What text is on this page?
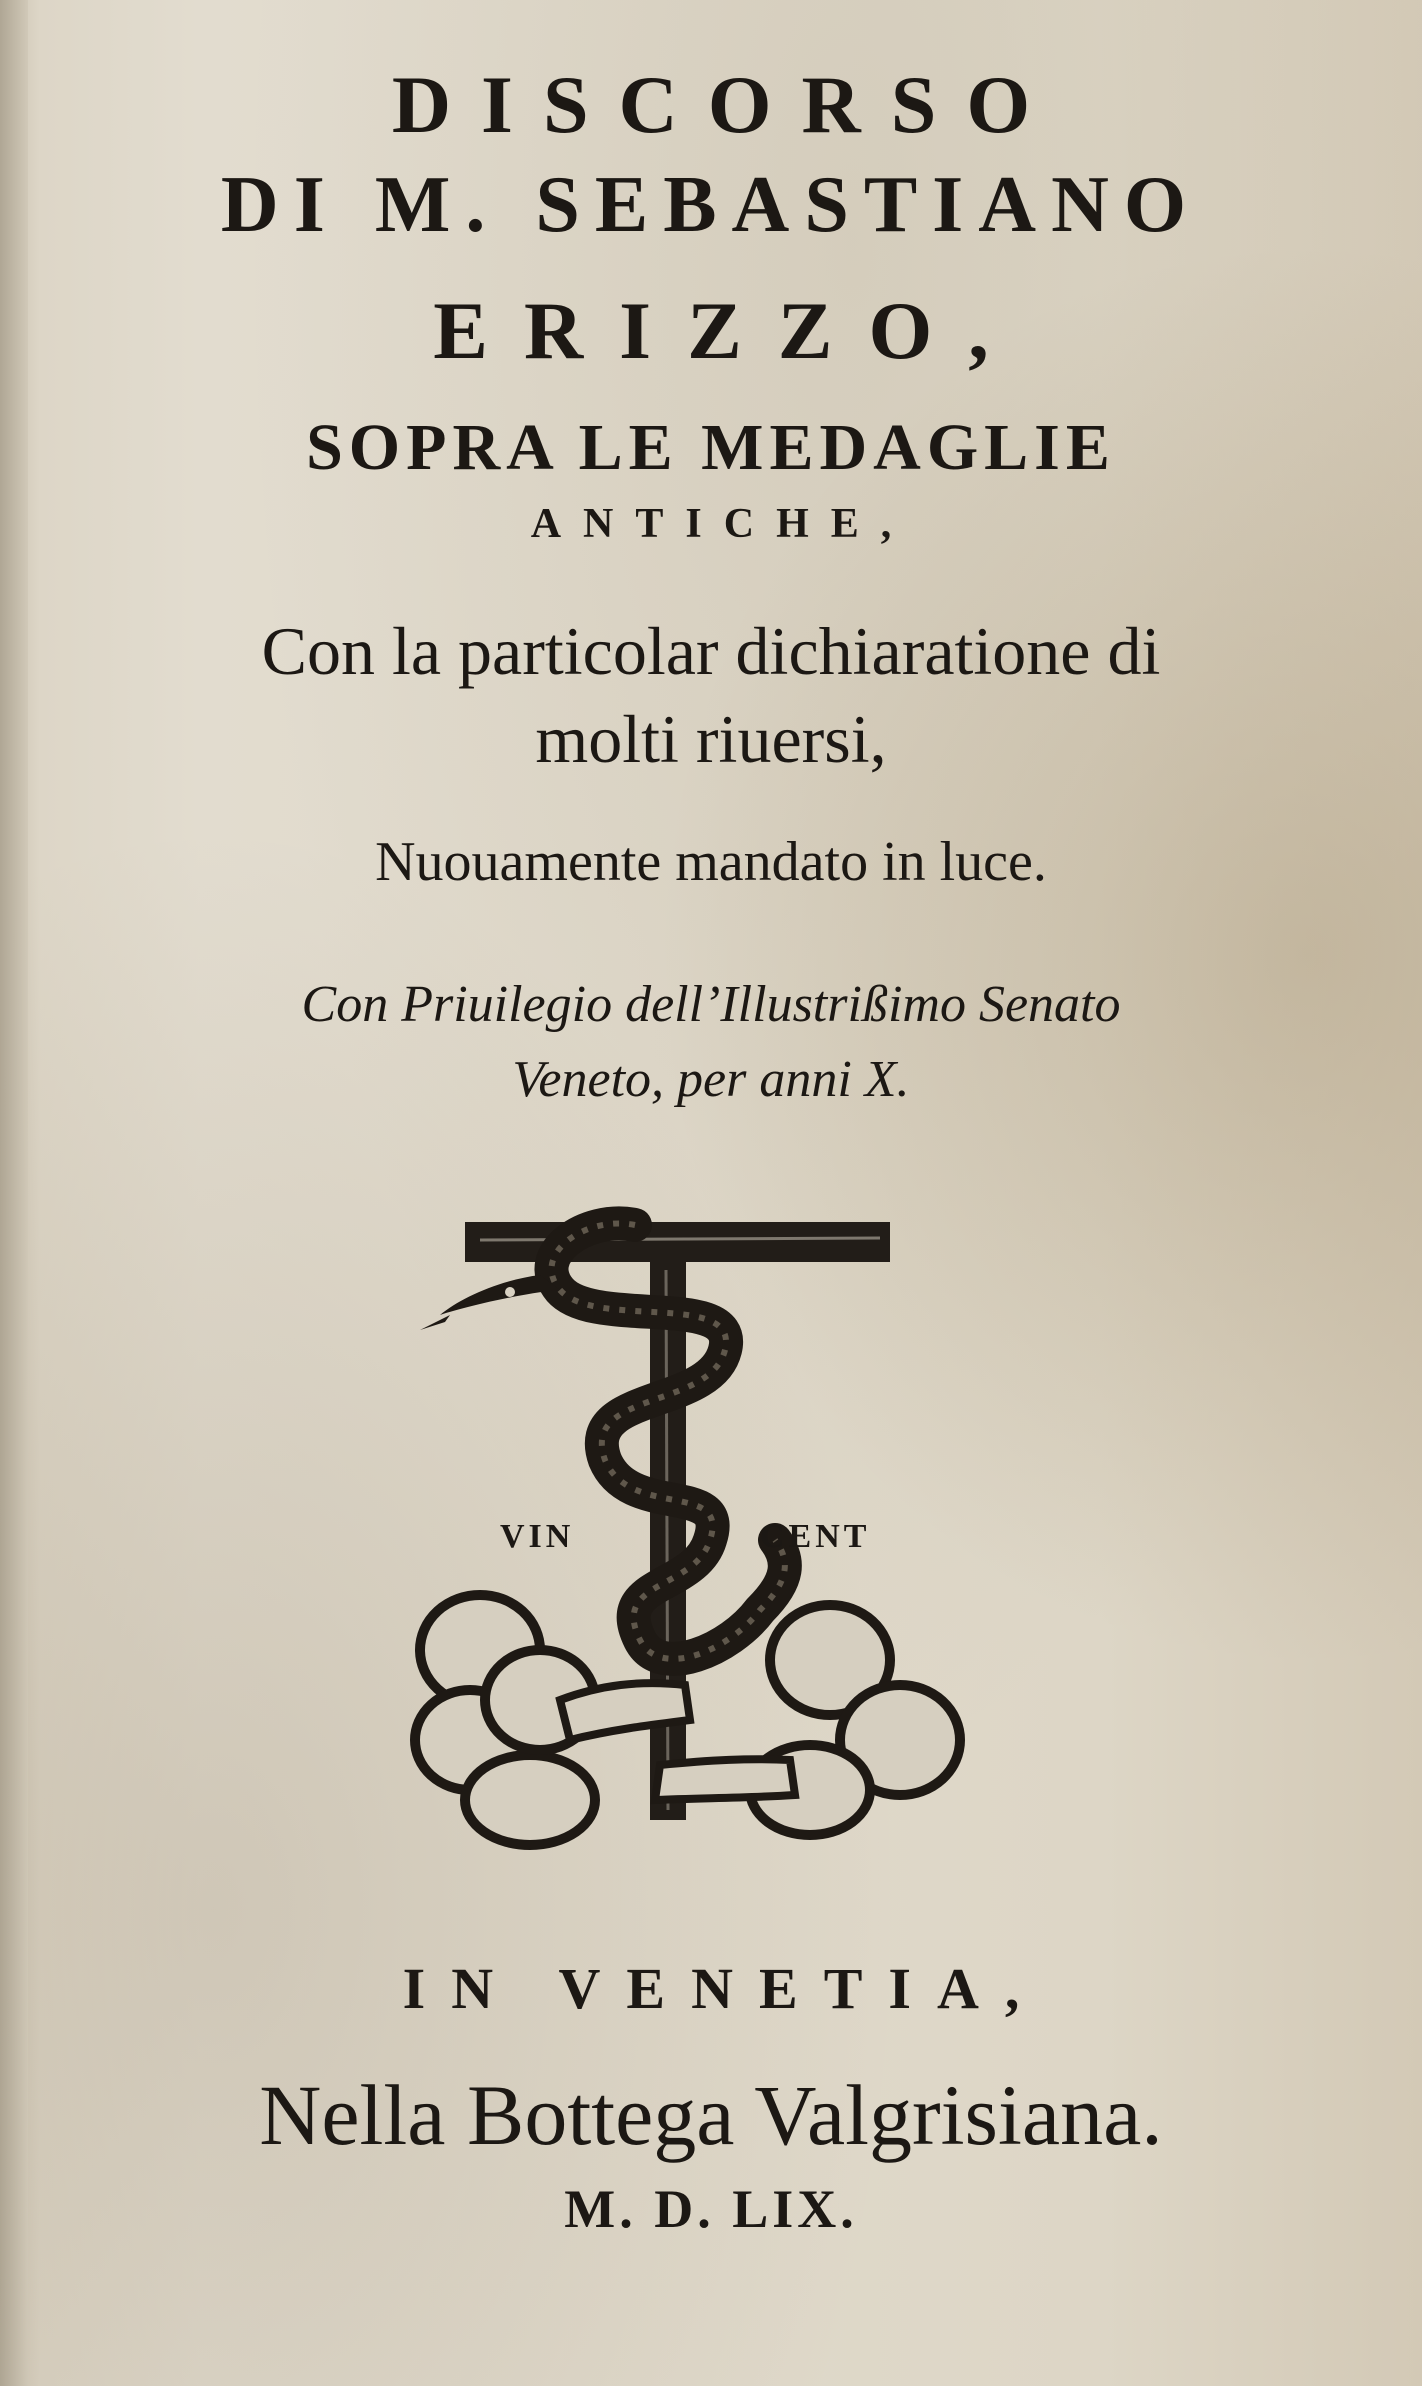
DISCORSO
DI M. SEBASTIANO
ERIZZO,
SOPRA LE MEDAGLIE
ANTICHE,
Con la particolar dichiaratione di
molti riuersi,
Nuouamente mandato in luce.
Con Priuilegio dell’Illustrißimo Senato
Veneto, per anni X.
VIN	CENT
IN VENETIA,
Nella Bottega Valgrisiana.
M. D. LIX.
